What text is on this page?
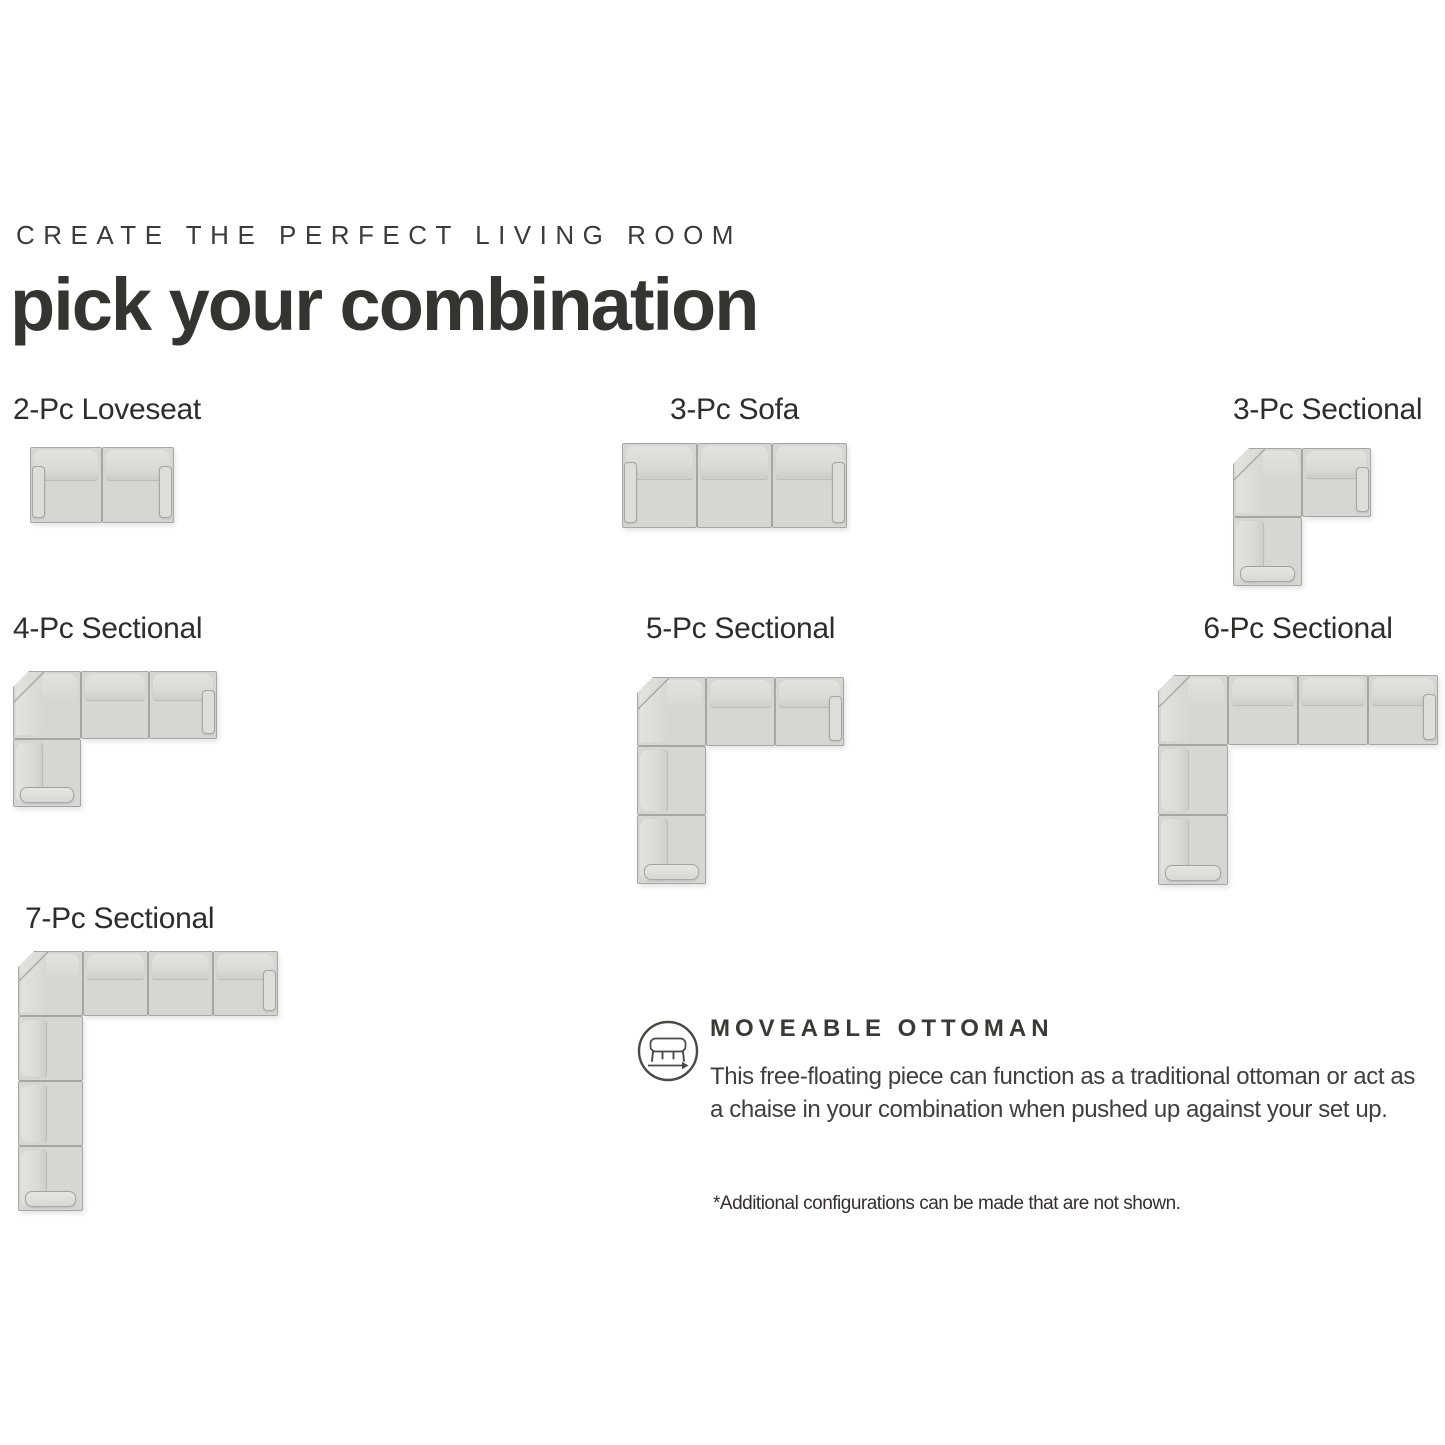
CREATE THE PERFECT LIVING ROOM
pick your combination
2-Pc Loveseat	3-Pc Sofa	3-Pc Sectional
4-Pc Sectional	5-Pc Sectional	6-Pc Sectional
7-Pc Sectional
MOVEABLE OTTOMAN
This free-floating piece can function as a traditional ottoman or act as
a chaise in your combination when pushed up against your set up.
*Additional configurations can be made that are not shown.
